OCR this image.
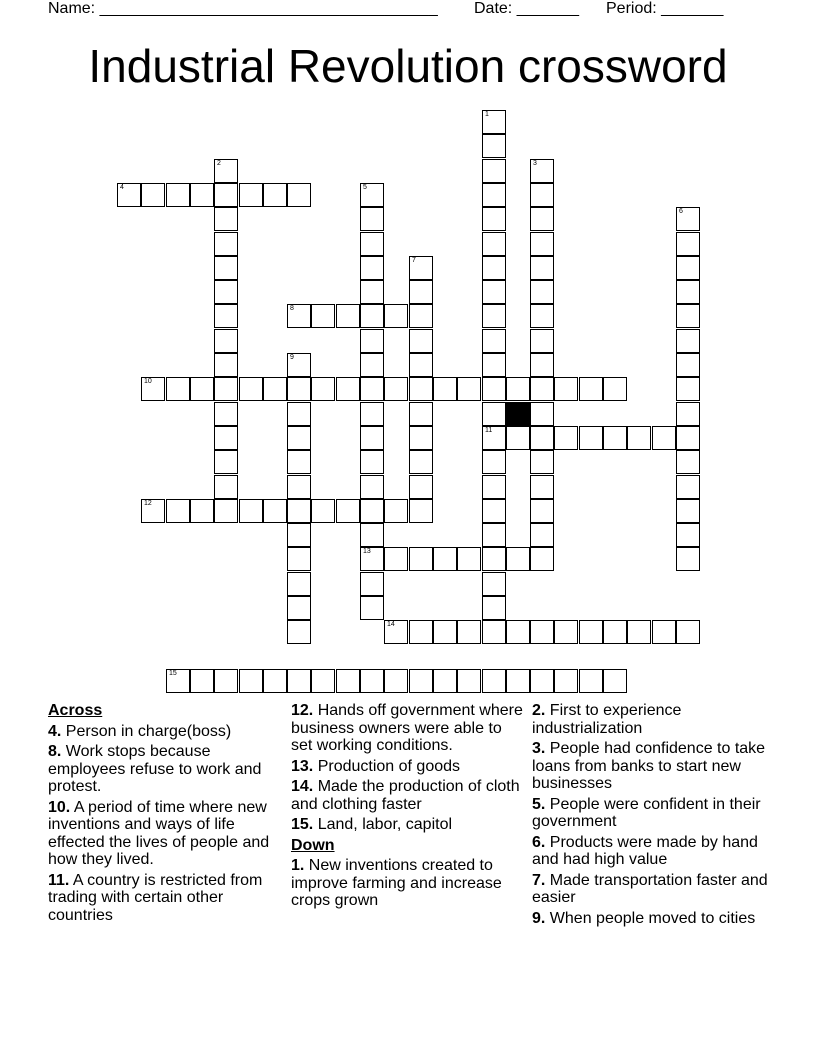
Name: ______________________________________ Date: _______ Period: _______
Industrial Revolution crossword
1
11
2	3
4	5
13
6
7
8
9
10
12
14
15
Across
4. Person in charge(boss)
8. Work stops because employees refuse to work and protest.
10. A period of time where new inventions and ways of life effected the lives of people and how they lived.
11. A country is restricted from trading with certain other countries
12. Hands off government where business owners were able to set working conditions.
13. Production of goods
14. Made the production of cloth and clothing faster
15. Land, labor, capitol
Down
1. New inventions created to improve farming and increase crops grown
2. First to experience industrialization
3. People had confidence to take loans from banks to start new businesses
5. People were confident in their government
6. Products were made by hand and had high value
7. Made transportation faster and easier
9. When people moved to cities
